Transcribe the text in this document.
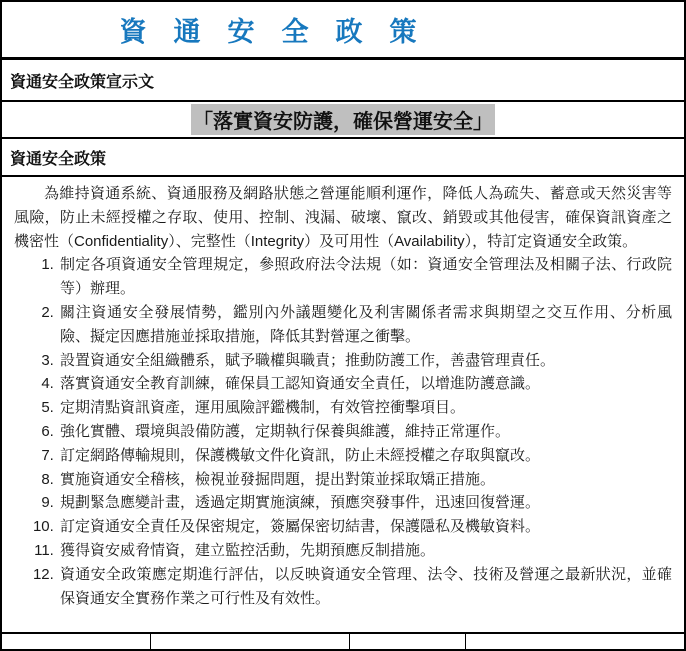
資　通　安　全　政　策
資通安全政策宣示文
「落實資安防護，確保營運安全」
資通安全政策

為維持資通系統、資通服務及網路狀態之營運能順利運作，降低人為疏失、蓄意或天然災害等風險，防止未經授權之存取、使用、控制、洩漏、破壞、竄改、銷毀或其他侵害，確保資訊資產之機密性（Confidentiality）、完整性（Integrity）及可用性（Availability），特訂定資通安全政策。

1. 制定各項資通安全管理規定，參照政府法令法規（如：資通安全管理法及相關子法、行政院等）辦理。
2. 關注資通安全發展情勢，鑑別內外議題變化及利害關係者需求與期望之交互作用、分析風險、擬定因應措施並採取措施，降低其對營運之衝擊。
3. 設置資通安全組織體系，賦予職權與職責；推動防護工作，善盡管理責任。
4. 落實資通安全教育訓練，確保員工認知資通安全責任，以增進防護意識。
5. 定期清點資訊資產，運用風險評鑑機制，有效管控衝擊項目。
6. 強化實體、環境與設備防護，定期執行保養與維護，維持正常運作。
7. 訂定網路傳輸規則，保護機敏文件化資訊，防止未經授權之存取與竄改。
8. 實施資通安全稽核，檢視並發掘問題，提出對策並採取矯正措施。
9. 規劃緊急應變計畫，透過定期實施演練，預應突發事件，迅速回復營運。
10. 訂定資通安全責任及保密規定，簽屬保密切結書，保護隱私及機敏資料。
11. 獲得資安威脅情資，建立監控活動，先期預應反制措施。
12. 資通安全政策應定期進行評估，以反映資通安全管理、法令、技術及營運之最新狀況，並確保資通安全實務作業之可行性及有效性。
